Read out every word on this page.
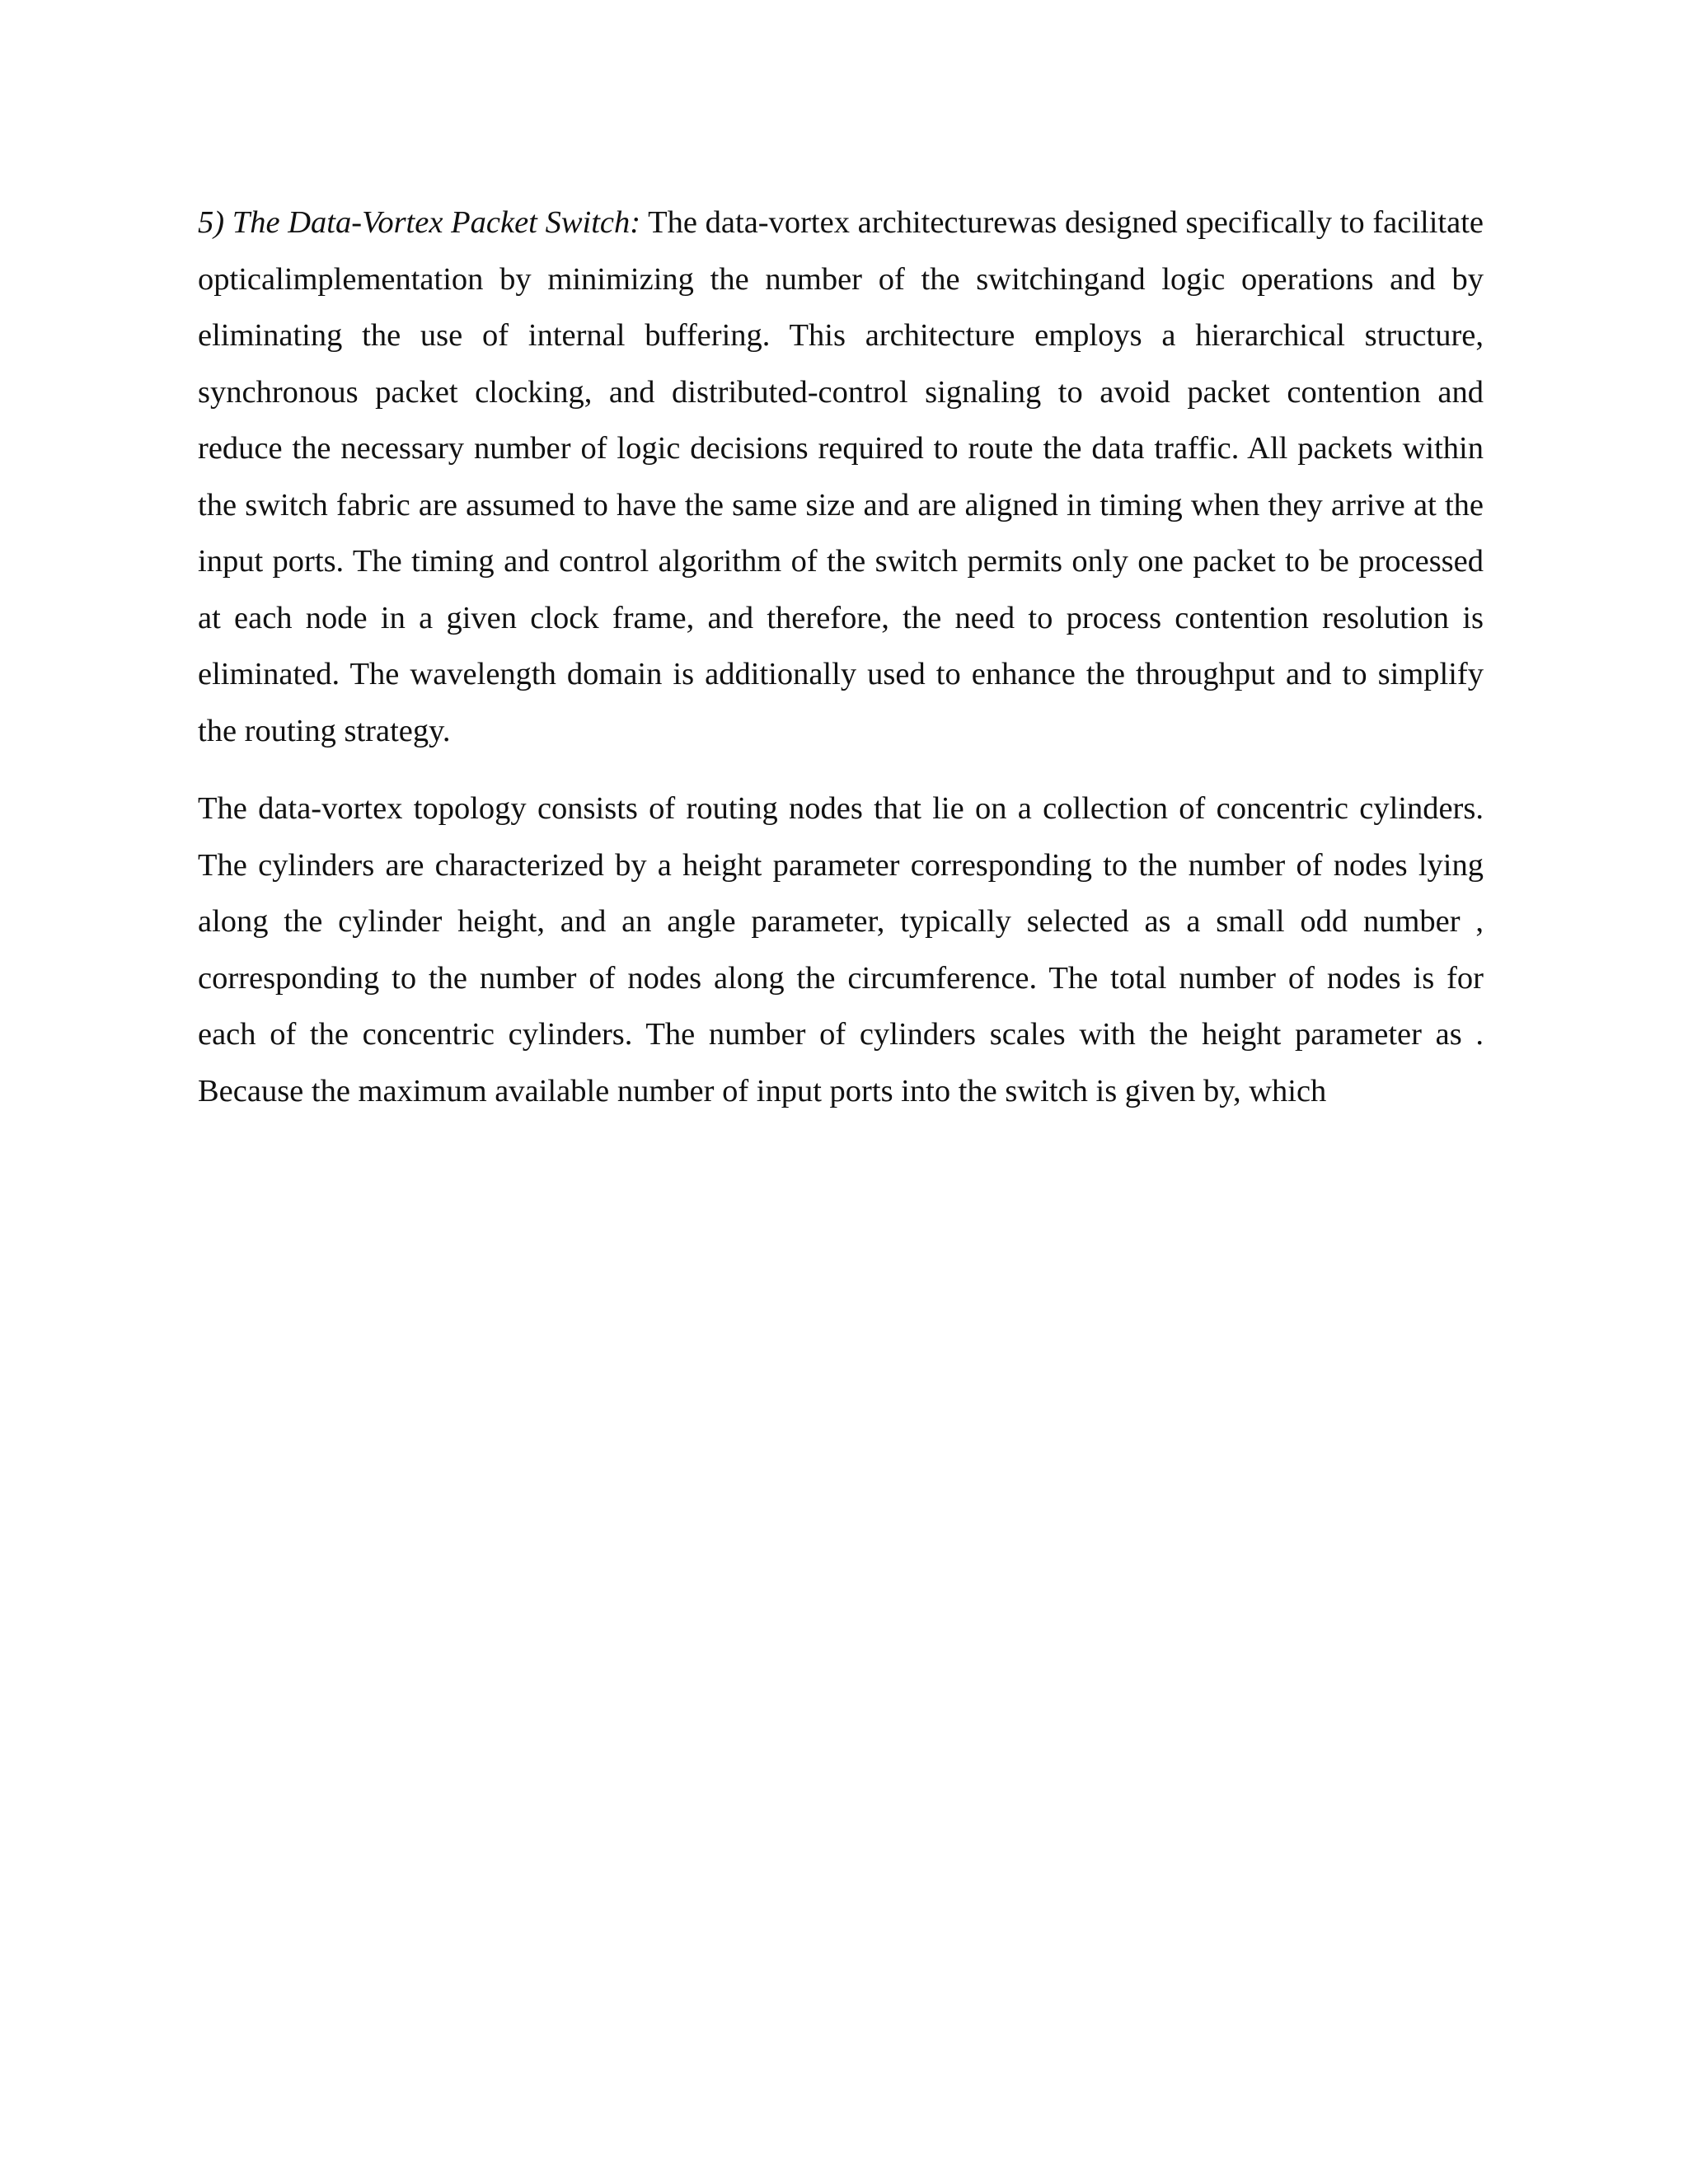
5) The Data-Vortex Packet Switch: The data-vortex architecturewas designed specifically to facilitate opticalimplementation by minimizing the number of the switchingand logic operations and by eliminating the use of internal buffering. This architecture employs a hierarchical structure, synchronous packet clocking, and distributed-control signaling to avoid packet contention and reduce the necessary number of logic decisions required to route the data traffic. All packets within the switch fabric are assumed to have the same size and are aligned in timing when they arrive at the input ports. The timing and control algorithm of the switch permits only one packet to be processed at each node in a given clock frame, and therefore, the need to process contention resolution is eliminated. The wavelength domain is additionally used to enhance the throughput and to simplify the routing strategy.

The data-vortex topology consists of routing nodes that lie on a collection of concentric cylinders. The cylinders are characterized by a height parameter corresponding to the number of nodes lying along the cylinder height, and an angle parameter, typically selected as a small odd number , corresponding to the number of nodes along the circumference. The total number of nodes is for each of the concentric cylinders. The number of cylinders scales with the height parameter as . Because the maximum available number of input ports into the switch is given by, which
